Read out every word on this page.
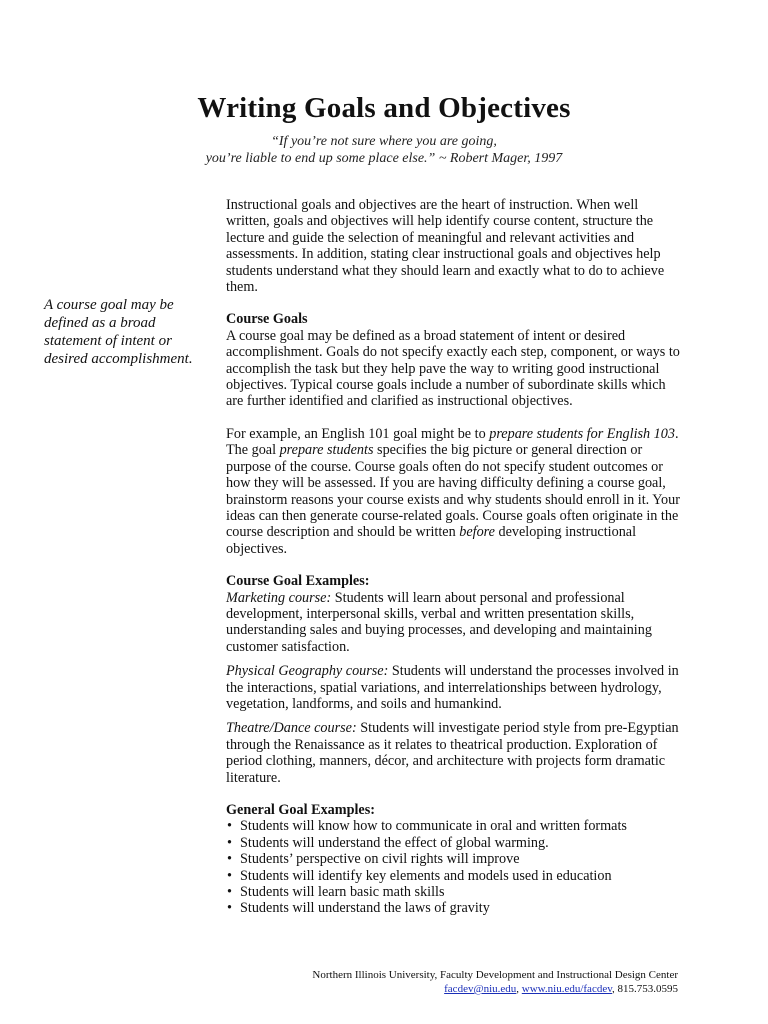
Writing Goals and Objectives
“If you’re not sure where you are going,
you’re liable to end up some place else.” ~ Robert Mager, 1997
A course goal may be defined as a broad statement of intent or desired accomplishment.

Instructional goals and objectives are the heart of instruction. When well written, goals and objectives will help identify course content, structure the lecture and guide the selection of meaningful and relevant activities and assessments. In addition, stating clear instructional goals and objectives help students understand what they should learn and exactly what to do to achieve them.

Course Goals

A course goal may be defined as a broad statement of intent or desired accomplishment. Goals do not specify exactly each step, component, or ways to accomplish the task but they help pave the way to writing good instructional objectives. Typical course goals include a number of subordinate skills which are further identified and clarified as instructional objectives.

For example, an English 101 goal might be to prepare students for English 103. The goal prepare students specifies the big picture or general direction or purpose of the course. Course goals often do not specify student outcomes or how they will be assessed. If you are having difficulty defining a course goal, brainstorm reasons your course exists and why students should enroll in it. Your ideas can then generate course-related goals. Course goals often originate in the course description and should be written before developing instructional objectives.

Course Goal Examples:

Marketing course: Students will learn about personal and professional development, interpersonal skills, verbal and written presentation skills, understanding sales and buying processes, and developing and maintaining customer satisfaction.

Physical Geography course: Students will understand the processes involved in the interactions, spatial variations, and interrelationships between hydrology, vegetation, landforms, and soils and humankind.

Theatre/Dance course: Students will investigate period style from pre-Egyptian through the Renaissance as it relates to theatrical production. Exploration of period clothing, manners, décor, and architecture with projects form dramatic literature.

General Goal Examples:

• Students will know how to communicate in oral and written formats
• Students will understand the effect of global warming.
• Students’ perspective on civil rights will improve
• Students will identify key elements and models used in education
• Students will learn basic math skills
• Students will understand the laws of gravity
Northern Illinois University, Faculty Development and Instructional Design Center
facdev@niu.edu, www.niu.edu/facdev, 815.753.0595
